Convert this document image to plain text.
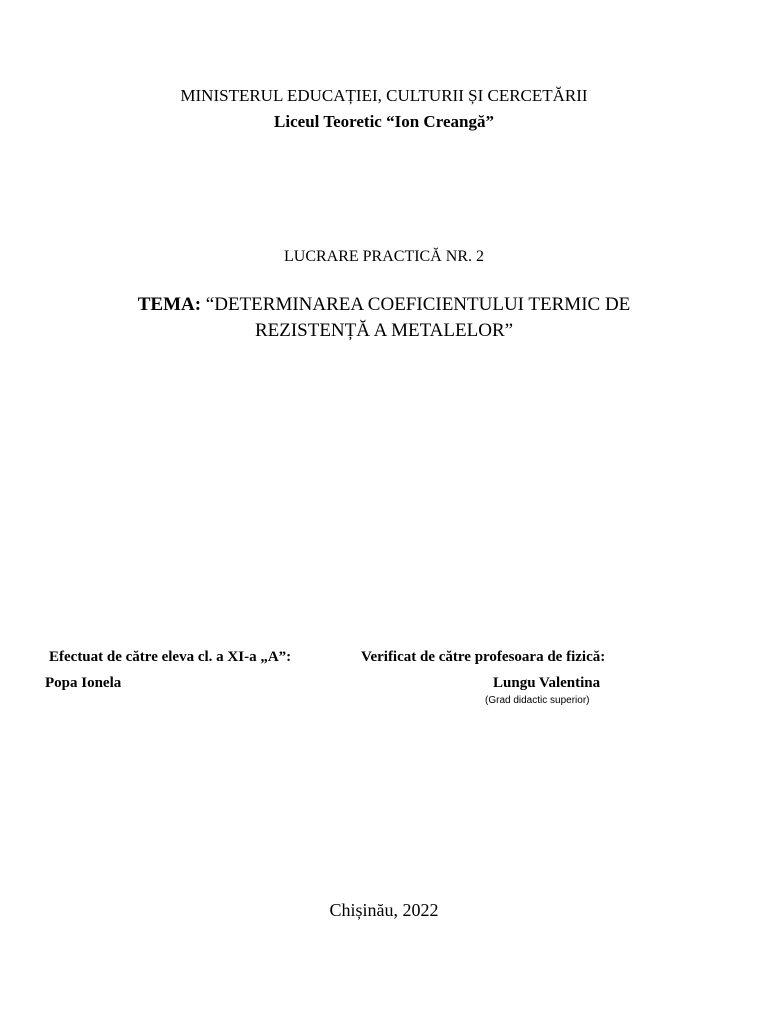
MINISTERUL EDUCAȚIEI, CULTURII ȘI CERCETĂRII
Liceul Teoretic “Ion Creangă”
LUCRARE PRACTICĂ NR. 2
TEMA: “DETERMINAREA COEFICIENTULUI TERMIC DE
REZISTENȚĂ A METALELOR”
Efectuat de către eleva cl. a XI-a „A”:
Popa Ionela
Verificat de către profesoara de fizică:
Lungu Valentina
(Grad didactic superior)
Chișinău, 2022
